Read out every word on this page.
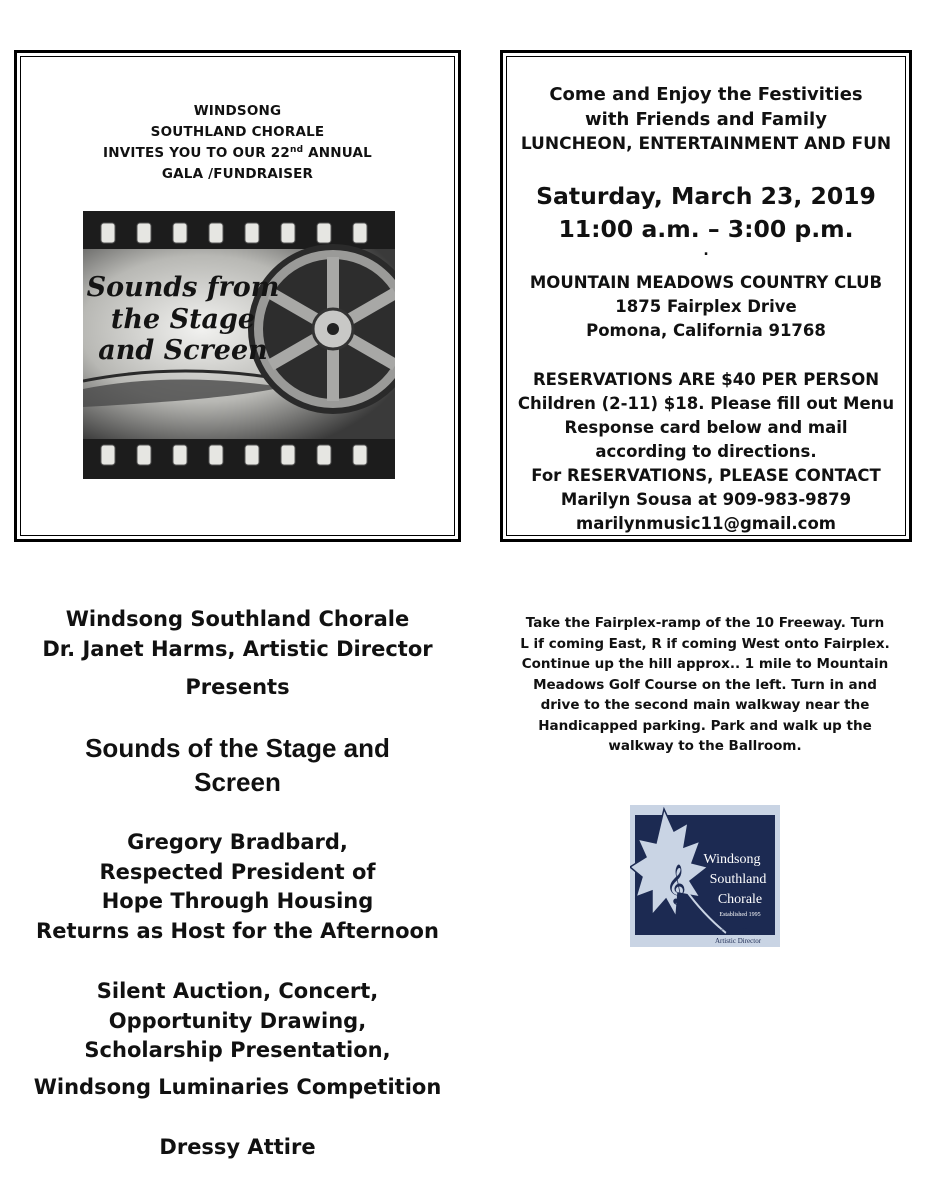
WINDSONG
SOUTHLAND CHORALE
INVITES YOU TO OUR 22nd ANNUAL
GALA /FUNDRAISER
Sounds from
the Stage
and Screen
Come and Enjoy the Festivities
with Friends and Family
LUNCHEON, ENTERTAINMENT AND FUN
Saturday, March 23, 2019
11:00 a.m. – 3:00 p.m.
.
MOUNTAIN MEADOWS COUNTRY CLUB
1875 Fairplex Drive
Pomona, California 91768
RESERVATIONS ARE $40 PER PERSON
Children (2-11) $18. Please fill out Menu
Response card below and mail
according to directions.
For RESERVATIONS, PLEASE CONTACT
Marilyn Sousa at 909-983-9879
marilynmusic11@gmail.com
Windsong Southland Chorale
Dr. Janet Harms, Artistic Director
Presents
Sounds of the Stage and
Screen
Gregory Bradbard,
Respected President of
Hope Through Housing
Returns as Host for the Afternoon
Silent Auction, Concert,
Opportunity Drawing,
Scholarship Presentation,
Windsong Luminaries Competition
Dressy Attire
Take the Fairplex-ramp of the 10 Freeway. Turn
L if coming East, R if coming West onto Fairplex.
Continue up the hill approx.. 1 mile to Mountain
Meadows Golf Course on the left. Turn in and
drive to the second main walkway near the
Handicapped parking. Park and walk up the
walkway to the Ballroom.
𝄞
Windsong
Southland
Chorale
Established 1995
Dr. Janet Harms
Artistic Director
